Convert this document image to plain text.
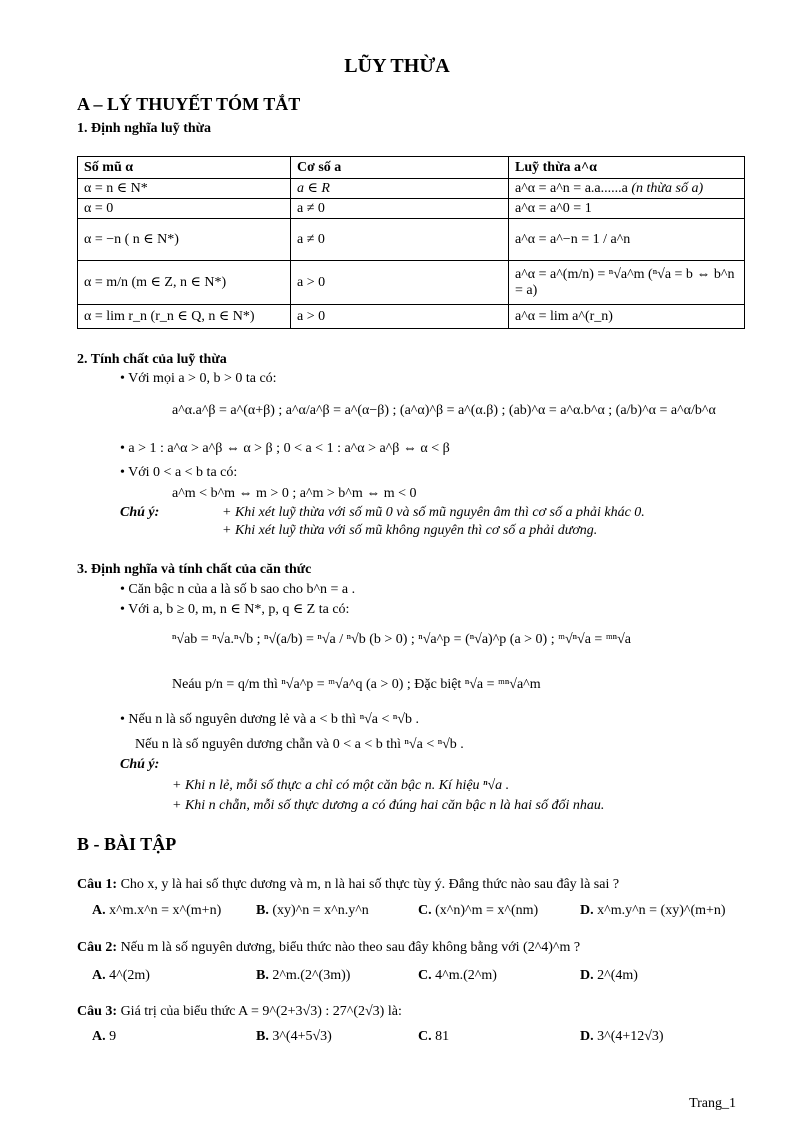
LŨY THỪA
A – LÝ THUYẾT TÓM TẮT
1. Định nghĩa luỹ thừa
Số mũ α	Cơ số a	Luỹ thừa a^α
α = n ∈ N*	a ∈ R	a^α = a^n = a.a......a (n thừa số a)
α = 0	a ≠ 0	a^α = a^0 = 1
α = −n ( n ∈ N*)	a ≠ 0	a^α = a^−n = 1 / a^n
α = m/n (m ∈ Z, n ∈ N*)	a > 0	a^α = a^(m/n) = ⁿ√a^m (ⁿ√a = b ⇔ b^n = a)
α = lim r_n (r_n ∈ Q, n ∈ N*)	a > 0	a^α = lim a^(r_n)
2. Tính chất của luỹ thừa
• Với mọi a > 0, b > 0 ta có:
a^α.a^β = a^(α+β) ; a^α/a^β = a^(α−β) ; (a^α)^β = a^(α.β) ; (ab)^α = a^α.b^α ; (a/b)^α = a^α/b^α
• a > 1 : a^α > a^β ⇔ α > β ; 0 < a < 1 : a^α > a^β ⇔ α < β
• Với 0 < a < b ta có:
a^m < b^m ⇔ m > 0 ; a^m > b^m ⇔ m < 0
Chú ý:	+ Khi xét luỹ thừa với số mũ 0 và số mũ nguyên âm thì cơ số a phải khác 0.
+ Khi xét luỹ thừa với số mũ không nguyên thì cơ số a phải dương.
3. Định nghĩa và tính chất của căn thức
• Căn bậc n của a là số b sao cho b^n = a .
• Với a, b ≥ 0, m, n ∈ N*, p, q ∈ Z ta có:
ⁿ√ab = ⁿ√a.ⁿ√b ; ⁿ√(a/b) = ⁿ√a / ⁿ√b (b > 0) ; ⁿ√a^p = (ⁿ√a)^p (a > 0) ; ᵐ√ⁿ√a = ᵐⁿ√a
Neáu p/n = q/m thì ⁿ√a^p = ᵐ√a^q (a > 0) ; Đặc biệt ⁿ√a = ᵐⁿ√a^m
• Nếu n là số nguyên dương lẻ và a < b thì ⁿ√a < ⁿ√b .
Nếu n là số nguyên dương chẵn và 0 < a < b thì ⁿ√a < ⁿ√b .
Chú ý:
+ Khi n lẻ, mỗi số thực a chỉ có một căn bậc n. Kí hiệu ⁿ√a .
+ Khi n chẵn, mỗi số thực dương a có đúng hai căn bậc n là hai số đối nhau.
B - BÀI TẬP
Câu 1: Cho x, y là hai số thực dương và m, n là hai số thực tùy ý. Đẳng thức nào sau đây là sai ?
A. x^m.x^n = x^(m+n) B. (xy)^n = x^n.y^n	C. (x^n)^m = x^(nm)	D. x^m.y^n = (xy)^(m+n)
Câu 2: Nếu m là số nguyên dương, biểu thức nào theo sau đây không bằng với (2^4)^m ?
A. 4^(2m)	B. 2^m.(2^(3m))	C. 4^m.(2^m)	D. 2^(4m)
Câu 3: Giá trị của biểu thức A = 9^(2+3√3) : 27^(2√3) là:
A. 9	B. 3^(4+5√3)	C. 81	D. 3^(4+12√3)
Trang_1
